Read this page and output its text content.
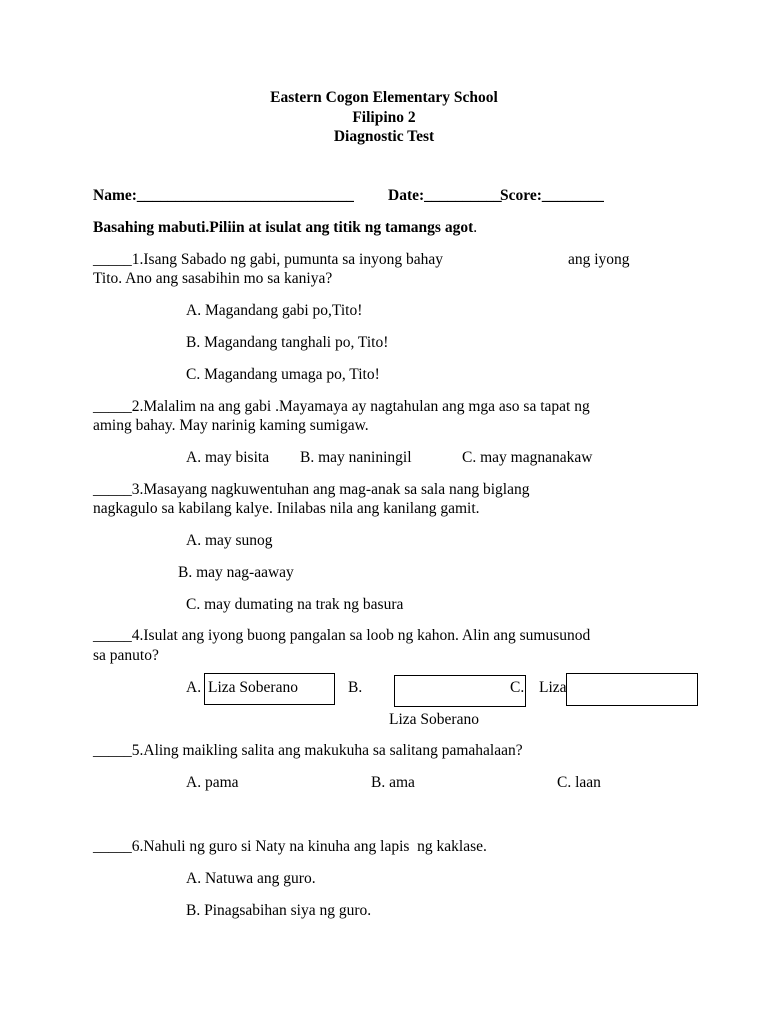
Eastern Cogon Elementary School
Filipino 2
Diagnostic Test
Name:____________________________ Date:__________
Score:________
Basahing mabuti.Piliin at isulat ang titik ng tamangs agot.
_____1.Isang Sabado ng gabi, pumunta sa inyong bahay	ang iyong
Tito. Ano ang sasabihin mo sa kaniya?
A. Magandang gabi po,Tito!
B. Magandang tanghali po, Tito!
C. Magandang umaga po, Tito!
_____2.Malalim na ang gabi .Mayamaya ay nagtahulan ang mga aso sa tapat ng
aming bahay. May narinig kaming sumigaw.
A. may bisita B. may naniningil	C. may magnanakaw
_____3.Masayang nagkuwentuhan ang mag-anak sa sala nang biglang
nagkagulo sa kabilang kalye. Inilabas nila ang kanilang gamit.
A. may sunog
B. may nag-aaway
C. may dumating na trak ng basura
_____4.Isulat ang iyong buong pangalan sa loob ng kahon. Alin ang sumusunod
sa panuto?
A. Liza Soberano	B.
Liza Soberano
C. Liza
_____5.Aling maikling salita ang makukuha sa salitang pamahalaan?
A. pama	B. ama	C. laan
_____6.Nahuli ng guro si Naty na kinuha ang lapis  ng kaklase.
A. Natuwa ang guro.
B. Pinagsabihan siya ng guro.
